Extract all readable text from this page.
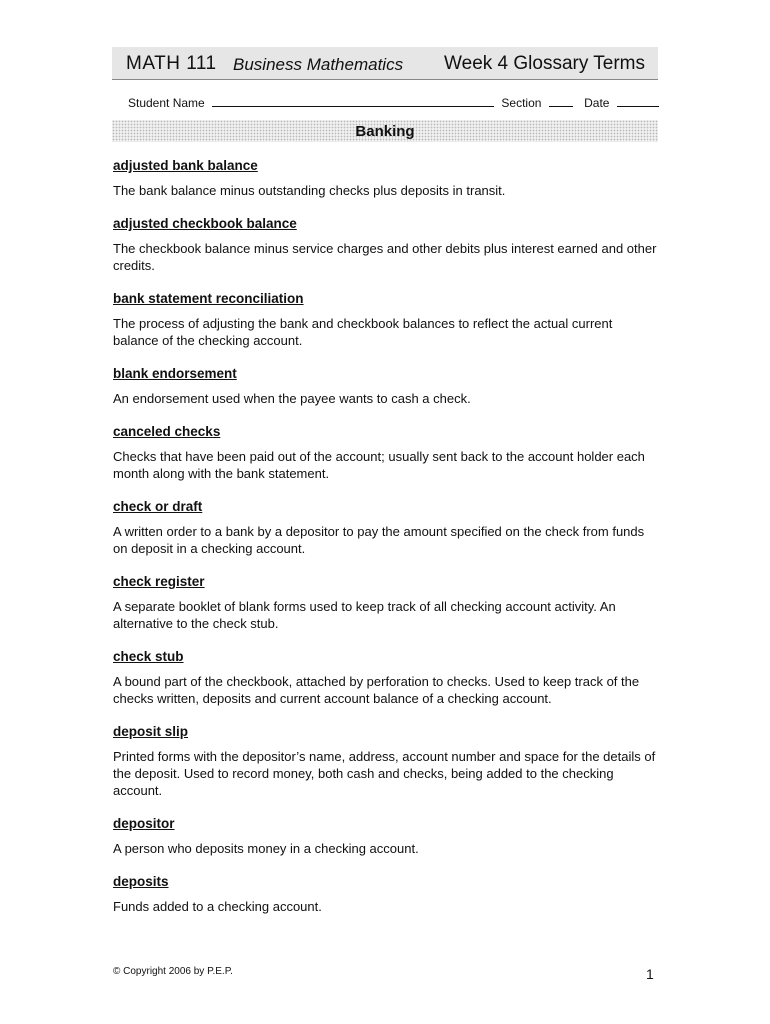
MATH 111 Business Mathematics Week 4 Glossary Terms
Student Name	Section	Date
Banking
adjusted bank balance

The bank balance minus outstanding checks plus deposits in transit.

adjusted checkbook balance

The checkbook balance minus service charges and other debits plus interest earned and other credits.

bank statement reconciliation

The process of adjusting the bank and checkbook balances to reflect the actual current balance of the checking account.

blank endorsement

An endorsement used when the payee wants to cash a check.

canceled checks

Checks that have been paid out of the account; usually sent back to the account holder each month along with the bank statement.

check or draft

A written order to a bank by a depositor to pay the amount specified on the check from funds on deposit in a checking account.

check register

A separate booklet of blank forms used to keep track of all checking account activity. An alternative to the check stub.

check stub

A bound part of the checkbook, attached by perforation to checks. Used to keep track of the checks written, deposits and current account balance of a checking account.

deposit slip

Printed forms with the depositor’s name, address, account number and space for the details of the deposit. Used to record money, both cash and checks, being added to the checking account.

depositor

A person who deposits money in a checking account.

deposits

Funds added to a checking account.

© Copyright 2006 by P.E.P.	1
